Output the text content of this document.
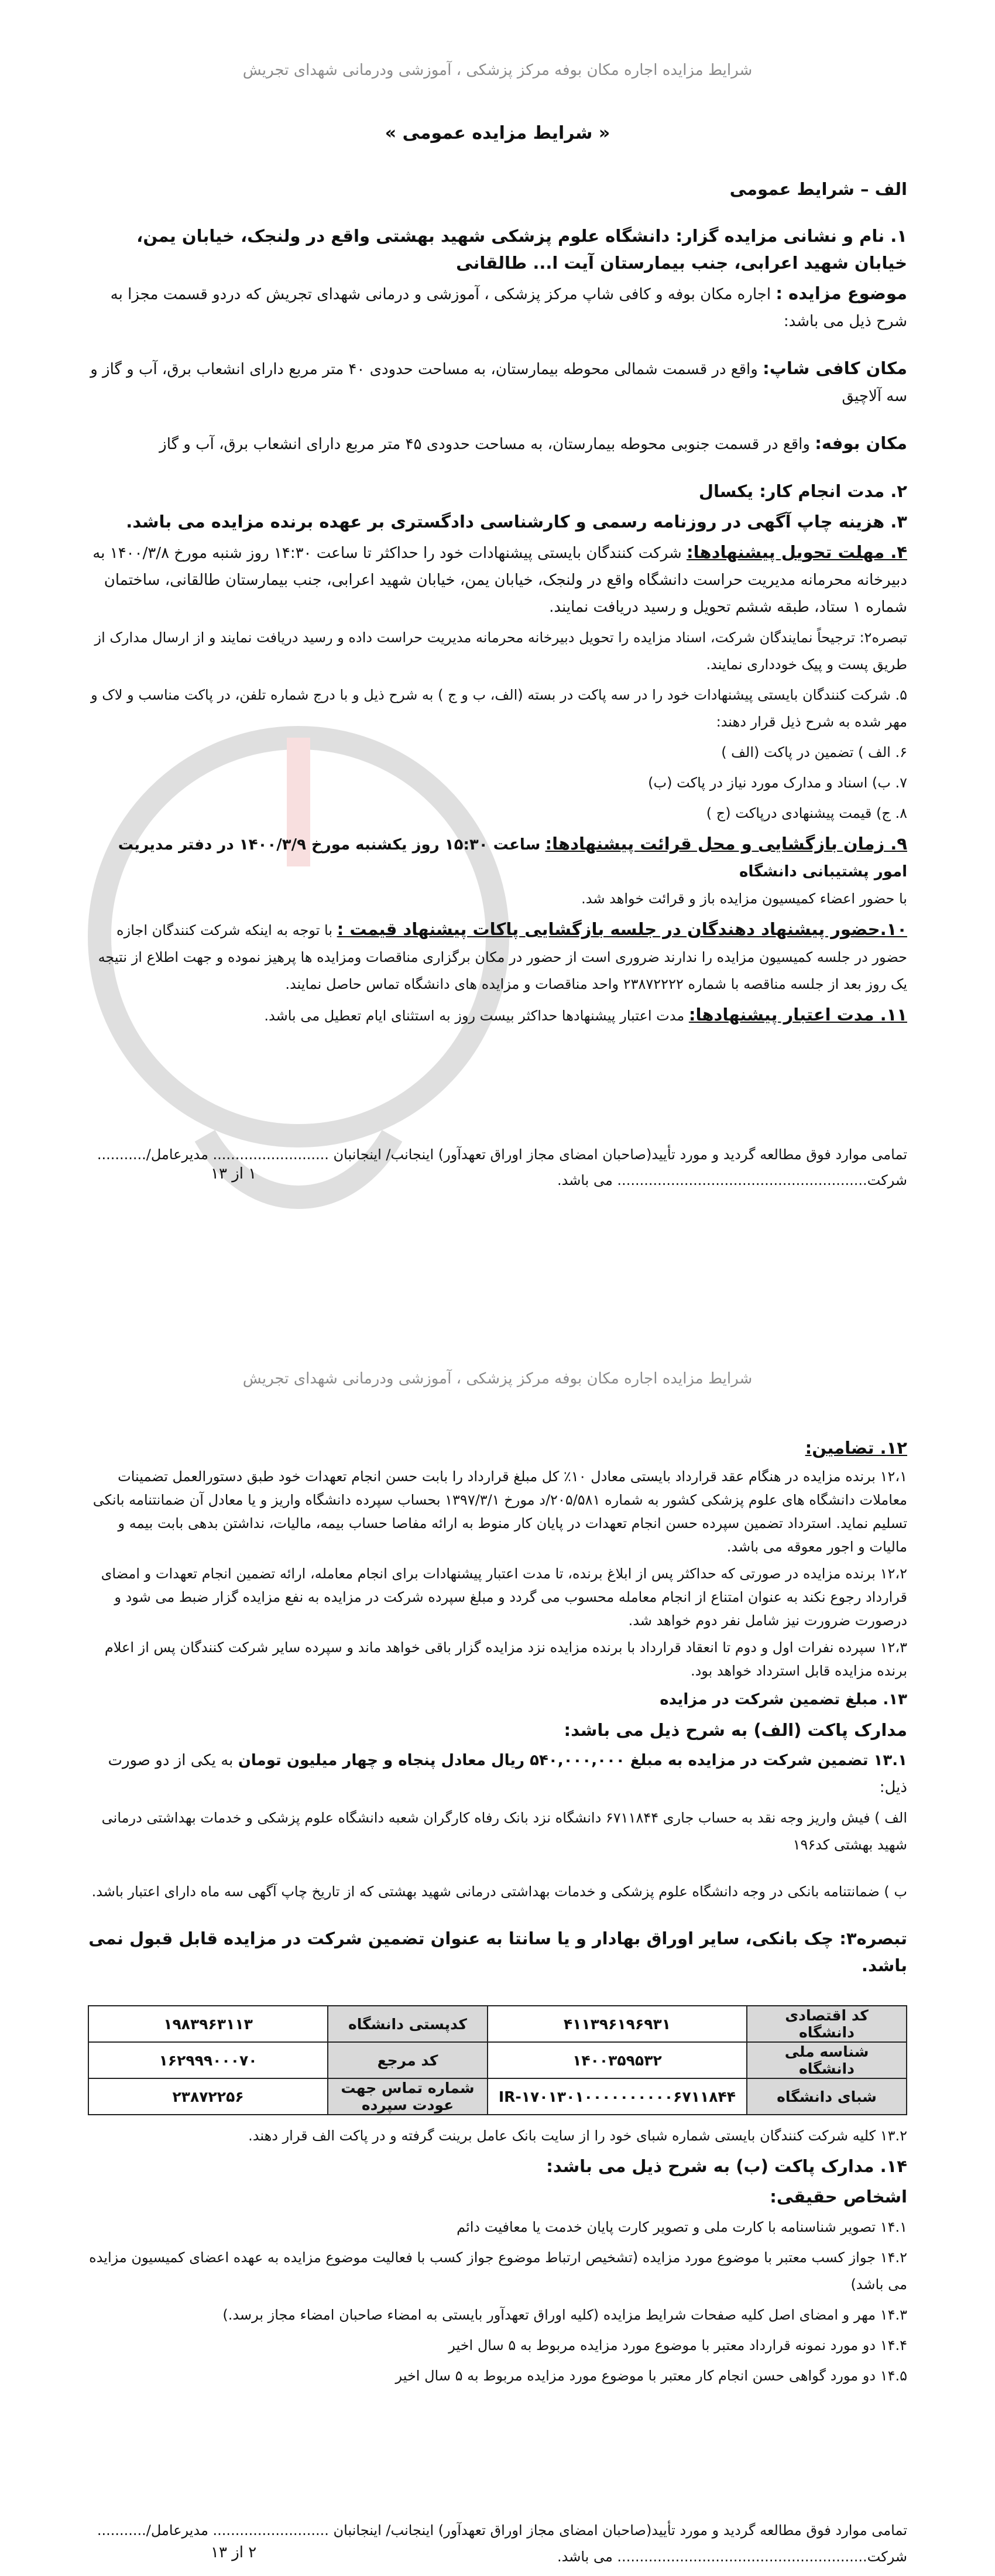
شرایط مزایده اجاره مکان بوفه مرکز پزشکی ، آموزشی ودرمانی شهدای تجریش
« شرایط مزایده عمومی »
الف – شرایط عمومی
۱. نام و نشانی مزایده گزار: دانشگاه علوم پزشکی شهید بهشتی واقع در ولنجک، خیابان یمن، خیابان شهید اعرابی، جنب بیمارستان آیت ا... طالقانی
موضوع مزایده : اجاره مکان بوفه و کافی شاپ مرکز پزشکی ، آموزشی و درمانی شهدای تجریش که دردو قسمت مجزا به شرح ذیل می باشد:
مکان کافی شاپ: واقع در قسمت شمالی محوطه بیمارستان، به مساحت حدودی ۴۰ متر مربع دارای انشعاب برق، آب و گاز و سه آلاچیق
مکان بوفه: واقع در قسمت جنوبی محوطه بیمارستان، به مساحت حدودی ۴۵ متر مربع دارای انشعاب برق، آب و گاز
۲. مدت انجام کار: یکسال
۳. هزینه چاپ آگهی در روزنامه رسمی و کارشناسی دادگستری بر عهده برنده مزایده می باشد.
۴. مهلت تحویل پیشنهادها: شرکت کنندگان بایستی پیشنهادات خود را حداکثر تا ساعت ۱۴:۳۰ روز شنبه مورخ ۱۴۰۰/۳/۸ به دبیرخانه محرمانه مدیریت حراست دانشگاه واقع در ولنجک، خیابان یمن، خیابان شهید اعرابی، جنب بیمارستان طالقانی، ساختمان شماره ۱ ستاد، طبقه ششم تحویل و رسید دریافت نمایند.
تبصره۲: ترجیحاً نمایندگان شرکت، اسناد مزایده را تحویل دبیرخانه محرمانه مدیریت حراست داده و رسید دریافت نمایند و از ارسال مدارک از طریق پست و پیک خودداری نمایند.
۵. شرکت کنندگان بایستی پیشنهادات خود را در سه پاکت در بسته (الف، ب و ج ) به شرح ذیل و با درج شماره تلفن، در پاکت مناسب و لاک و مهر شده به شرح ذیل قرار دهند:
۶. الف ) تضمین در پاکت (الف )
۷. ب) اسناد و مدارک مورد نیاز در پاکت (ب)
۸. ج) قیمت پیشنهادی درپاکت (ج )
۹. زمان بازگشایی و محل قرائت پیشنهادها: ساعت ۱۵:۳۰ روز یکشنبه مورخ ۱۴۰۰/۳/۹ در دفتر مدیریت امور پشتیبانی دانشگاه
با حضور اعضاء کمیسیون مزایده باز و قرائت خواهد شد.
۱۰.حضور پیشنهاد دهندگان در جلسه بازگشایی پاکات پیشنهاد قیمت : با توجه به اینکه شرکت کنندگان اجازه حضور در جلسه کمیسیون مزایده را ندارند ضروری است از حضور در مکان برگزاری مناقصات ومزایده ها پرهیز نموده و جهت اطلاع از نتیجه یک روز بعد از جلسه مناقصه با شماره ۲۳۸۷۲۲۲۲ واحد مناقصات و مزایده های دانشگاه تماس حاصل نمایند.
۱۱. مدت اعتبار پیشنهادها: مدت اعتبار پیشنهادها حداکثر بیست روز به استثنای ایام تعطیل می باشد.
تمامی موارد فوق مطالعه گردید و مورد تأیید(صاحبان امضای مجاز اوراق تعهدآور) اینجانب/ اینجانبان .......................... مدیرعامل/...........
شرکت........................................................ می باشد.
۱ از ۱۳
شرایط مزایده اجاره مکان بوفه مرکز پزشکی ، آموزشی ودرمانی شهدای تجریش
۱۲. تضامین:
۱۲،۱ برنده مزایده در هنگام عقد قرارداد بایستی معادل ۱۰٪ کل مبلغ قرارداد را بابت حسن انجام تعهدات خود طبق دستورالعمل تضمینات معاملات دانشگاه های علوم پزشکی کشور به شماره ۲۰۵/۵۸۱/د مورخ ۱۳۹۷/۳/۱ بحساب سپرده دانشگاه واریز و یا معادل آن ضمانتنامه بانکی تسلیم نماید. استرداد تضمین سپرده حسن انجام تعهدات در پایان کار منوط به ارائه مفاصا حساب بیمه، مالیات، نداشتن بدهی بابت بیمه و مالیات و اجور معوقه می باشد.
۱۲،۲ برنده مزایده در صورتی که حداکثر پس از ابلاغ برنده، تا مدت اعتبار پیشنهادات برای انجام معامله، ارائه تضمین انجام تعهدات و امضای قرارداد رجوع نکند به عنوان امتناع از انجام معامله محسوب می گردد و مبلغ سپرده شرکت در مزایده به نفع مزایده گزار ضبط می شود و درصورت ضرورت نیز شامل نفر دوم خواهد شد.
۱۲،۳ سپرده نفرات اول و دوم تا انعقاد قرارداد با برنده مزایده نزد مزایده گزار باقی خواهد ماند و سپرده سایر شرکت کنندگان پس از اعلام برنده مزایده قابل استرداد خواهد بود.
۱۳. مبلغ تضمین شرکت در مزایده
مدارک پاکت (الف) به شرح ذیل می باشد:
۱۳.۱ تضمین شرکت در مزایده به مبلغ ۵۴۰,۰۰۰,۰۰۰ ریال معادل پنجاه و چهار میلیون تومان به یکی از دو صورت ذیل:
الف ) فیش واریز وجه نقد به حساب جاری ۶۷۱۱۸۴۴ دانشگاه نزد بانک رفاه کارگران شعبه دانشگاه علوم پزشکی و خدمات بهداشتی درمانی شهید بهشتی کد۱۹۶
ب ) ضمانتنامه بانکی در وجه دانشگاه علوم پزشکی و خدمات بهداشتی درمانی شهید بهشتی که از تاریخ چاپ آگهی سه ماه دارای اعتبار باشد.
تبصره۳: چک بانکی، سایر اوراق بهادار و یا سانتا به عنوان تضمین شرکت در مزایده قابل قبول نمی باشد.
کد اقتصادی دانشگاه	۴۱۱۳۹۶۱۹۶۹۳۱	کدپستی دانشگاه	۱۹۸۳۹۶۳۱۱۳
شناسه ملی دانشگاه	۱۴۰۰۳۵۹۵۳۲	کد مرجع	۱۶۲۹۹۹۰۰۰۷۰
شبای دانشگاه	IR-۱۷۰۱۳۰۱۰۰۰۰۰۰۰۰۰۰۶۷۱۱۸۴۴	شماره تماس جهت عودت سپرده	۲۳۸۷۲۲۵۶
۱۳.۲ کلیه شرکت کنندگان بایستی شماره شبای خود را از سایت بانک عامل برینت گرفته و در پاکت الف قرار دهند.
۱۴. مدارک پاکت (ب) به شرح ذیل می باشد:
اشخاص حقیقی:
۱۴.۱ تصویر شناسنامه با کارت ملی و تصویر کارت پایان خدمت یا معافیت دائم
۱۴.۲ جواز کسب معتبر با موضوع مورد مزایده (تشخیص ارتباط موضوع جواز کسب با فعالیت موضوع مزایده به عهده اعضای کمیسیون مزایده می باشد)
۱۴.۳ مهر و امضای اصل کلیه صفحات شرایط مزایده (کلیه اوراق تعهدآور بایستی به امضاء صاحبان امضاء مجاز برسد.)
۱۴.۴ دو مورد نمونه قرارداد معتبر با موضوع مورد مزایده مربوط به ۵ سال اخیر
۱۴.۵ دو مورد گواهی حسن انجام کار معتبر با موضوع مورد مزایده مربوط به ۵ سال اخیر
تمامی موارد فوق مطالعه گردید و مورد تأیید(صاحبان امضای مجاز اوراق تعهدآور) اینجانب/ اینجانبان .......................... مدیرعامل/...........
شرکت........................................................ می باشد.
۲ از ۱۳
